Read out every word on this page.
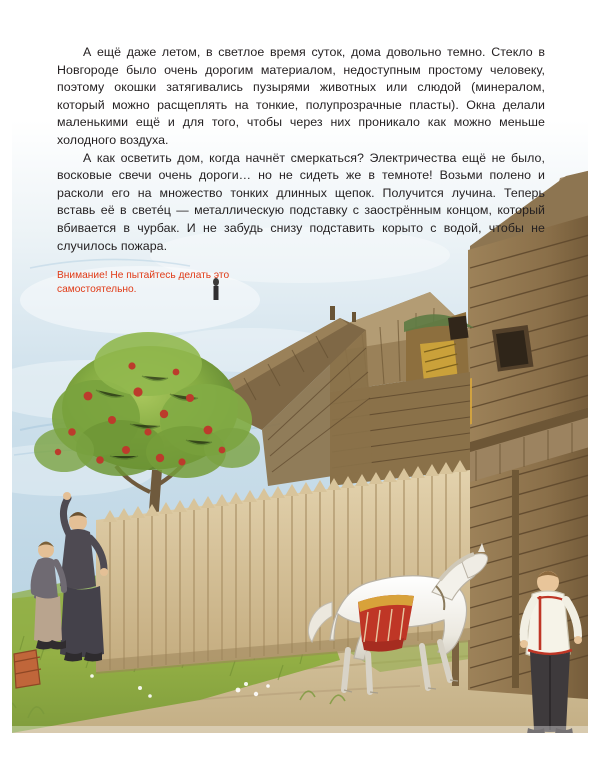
А ещё даже летом, в светлое время суток, дома довольно темно. Стекло в Новгороде было очень дорогим материалом, недоступным простому человеку, поэтому окошки затягивались пузырями животных или слюдой (минералом, который можно расщеплять на тонкие, полупрозрачные пласты). Окна делали маленькими ещё и для того, чтобы через них проникало как можно меньше холодного воздуха.

А как осветить дом, когда начнёт смеркаться? Электричества ещё не было, восковые свечи очень дороги… но не сидеть же в темноте! Возьми полено и расколи его на множество тонких длинных щепок. Получится лучина. Теперь вставь её в свете́ц — металлическую подставку с заострённым концом, который вбивается в чурбак. И не забудь снизу подставить корыто с водой, чтобы не случилось пожара.

Внимание! Не пытайтесь делать это самостоятельно.
